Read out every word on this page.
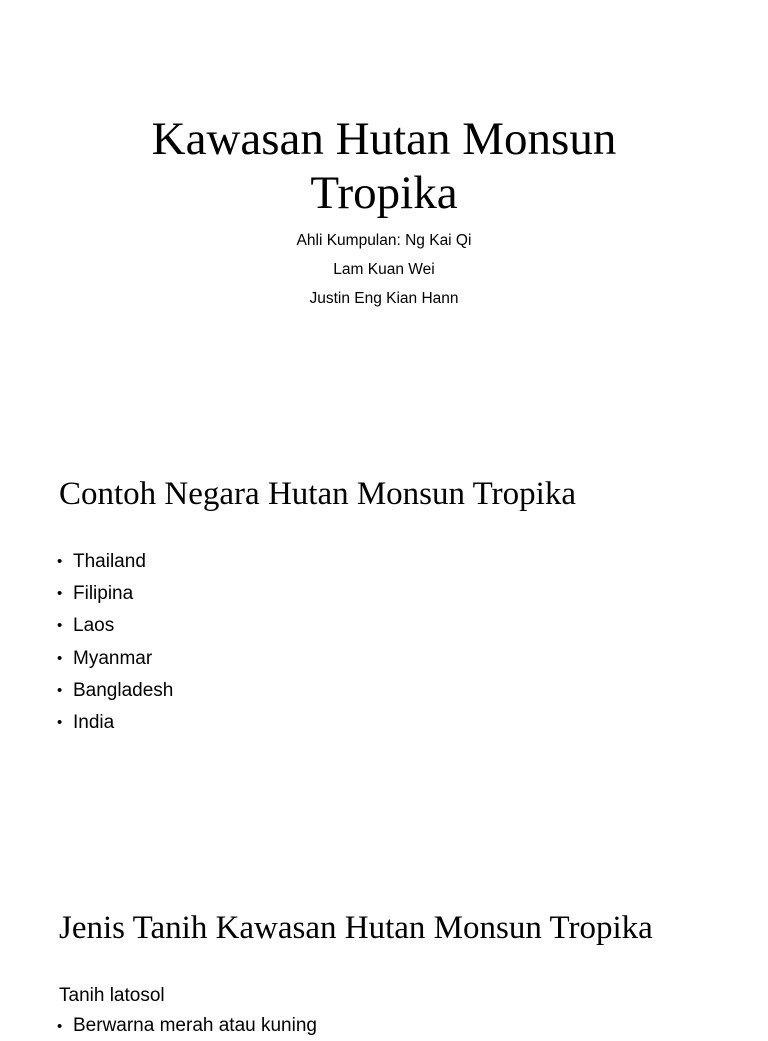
Kawasan Hutan Monsun
Tropika
Ahli Kumpulan: Ng Kai Qi
Lam Kuan Wei
Justin Eng Kian Hann
Contoh Negara Hutan Monsun Tropika
• Thailand
• Filipina
• Laos
• Myanmar
• Bangladesh
• India
Jenis Tanih Kawasan Hutan Monsun Tropika
Tanih latosol
• Berwarna merah atau kuning
